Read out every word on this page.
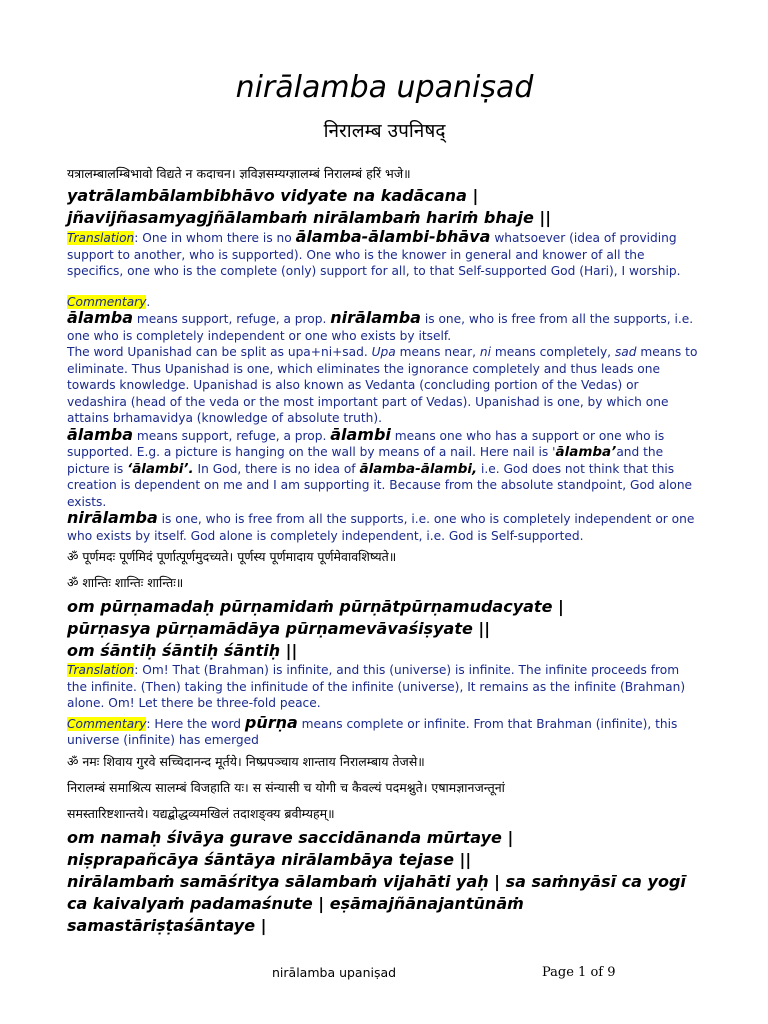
nirālamba upaniṣad
निरालम्ब उपनिषद्

यत्रालम्बालम्बिभावो विद्यते न कदाचन। ज्ञविज्ञसम्यग्ज्ञालम्बं निरालम्बं हरिं भजे॥

yatrālambālambibhāvo vidyate na kadācana |

jñavijñasamyagjñālambaṁ nirālambaṁ hariṁ bhaje ||

Translation: One in whom there is no ālamba-ālambi-bhāva whatsoever (idea of providing support to another, who is supported). One who is the knower in general and knower of all the specifics, one who is the complete (only) support for all, to that Self-supported God (Hari), I worship.

Commentary.

ālamba means support, refuge, a prop. nirālamba is one, who is free from all the supports, i.e. one who is completely independent or one who exists by itself.

The word Upanishad can be split as upa+ni+sad. Upa means near, ni means completely, sad means to eliminate. Thus Upanishad is one, which eliminates the ignorance completely and thus leads one towards knowledge. Upanishad is also known as Vedanta (concluding portion of the Vedas) or vedashira (head of the veda or the most important part of Vedas). Upanishad is one, by which one attains brhamavidya (knowledge of absolute truth).

ālamba means support, refuge, a prop. ālambi means one who has a support or one who is supported. E.g. a picture is hanging on the wall by means of a nail. Here nail is 'ālamba’and the picture is ‘ālambi’. In God, there is no idea of ālamba-ālambi, i.e. God does not think that this creation is dependent on me and I am supporting it. Because from the absolute standpoint, God alone exists.

nirālamba is one, who is free from all the supports, i.e. one who is completely independent or one who exists by itself. God alone is completely independent, i.e. God is Self-supported.

ॐ पूर्णमदः पूर्णमिदं पूर्णात्पूर्णमुदच्यते। पूर्णस्य पूर्णमादाय पूर्णमेवावशिष्यते॥

ॐ शान्तिः शान्तिः शान्तिः॥

om pūrṇamadaḥ pūrṇamidaṁ pūrṇātpūrṇamudacyate |

pūrṇasya pūrṇamādāya pūrṇamevāvaśiṣyate ||

om śāntiḥ śāntiḥ śāntiḥ ||

Translation: Om! That (Brahman) is infinite, and this (universe) is infinite. The infinite proceeds from the infinite. (Then) taking the infinitude of the infinite (universe), It remains as the infinite (Brahman) alone. Om! Let there be three-fold peace.

Commentary: Here the word pūrṇa means complete or infinite. From that Brahman (infinite), this universe (infinite) has emerged

ॐ नमः शिवाय गुरवे सच्चिदानन्द मूर्तये। निष्प्रपञ्चाय शान्ताय निरालम्बाय तेजसे॥

निरालम्बं समाश्रित्य सालम्बं विजहाति यः। स संन्यासी च योगी च कैवल्यं पदमश्नुते। एषामज्ञानजन्तूनां

समस्तारिष्टशान्तये। यद्यद्बोद्धव्यमखिलं तदाशङ्क्य ब्रवीम्यहम्॥

om namaḥ śivāya gurave saccidānanda mūrtaye |

niṣprapañcāya śāntāya nirālambāya tejase ||

nirālambaṁ samāśritya sālambaṁ vijahāti yaḥ | sa saṁnyāsī ca yogī

ca kaivalyaṁ padamaśnute | eṣāmajñānajantūnāṁ

samastāriṣṭaśāntaye |

nirālamba upaniṣad	Page 1 of 9
